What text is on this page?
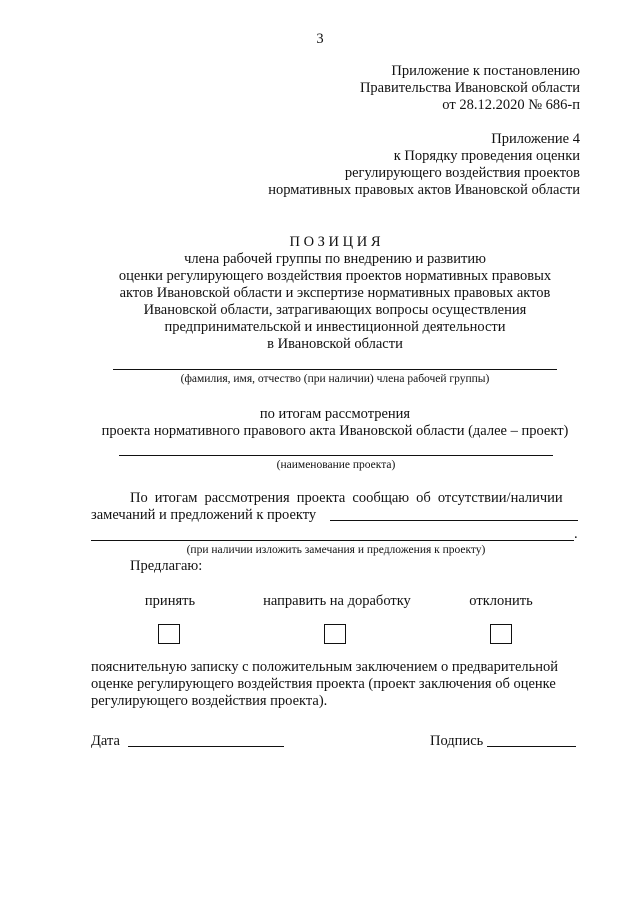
3
Приложение к постановлению
Правительства Ивановской области
от 28.12.2020 № 686-п
Приложение 4
к Порядку проведения оценки
регулирующего воздействия проектов
нормативных правовых актов Ивановской области
П О З И Ц И Я
члена рабочей группы по внедрению и развитию
оценки регулирующего воздействия проектов нормативных правовых
актов Ивановской области и экспертизе нормативных правовых актов
Ивановской области, затрагивающих вопросы осуществления
предпринимательской и инвестиционной деятельности
в Ивановской области
(фамилия, имя, отчество (при наличии) члена рабочей группы)
по итогам рассмотрения
проекта нормативного правового акта Ивановской области (далее – проект)
(наименование проекта)
По итогам рассмотрения проекта сообщаю об отсутствии/наличии
замечаний и предложений к проекту
.
(при наличии изложить замечания и предложения к проекту)
Предлагаю:
принять	направить на доработку	отклонить
пояснительную записку с положительным заключением о предварительной
оценке регулирующего воздействия проекта (проект заключения об оценке
регулирующего воздействия проекта).
Дата	Подпись
